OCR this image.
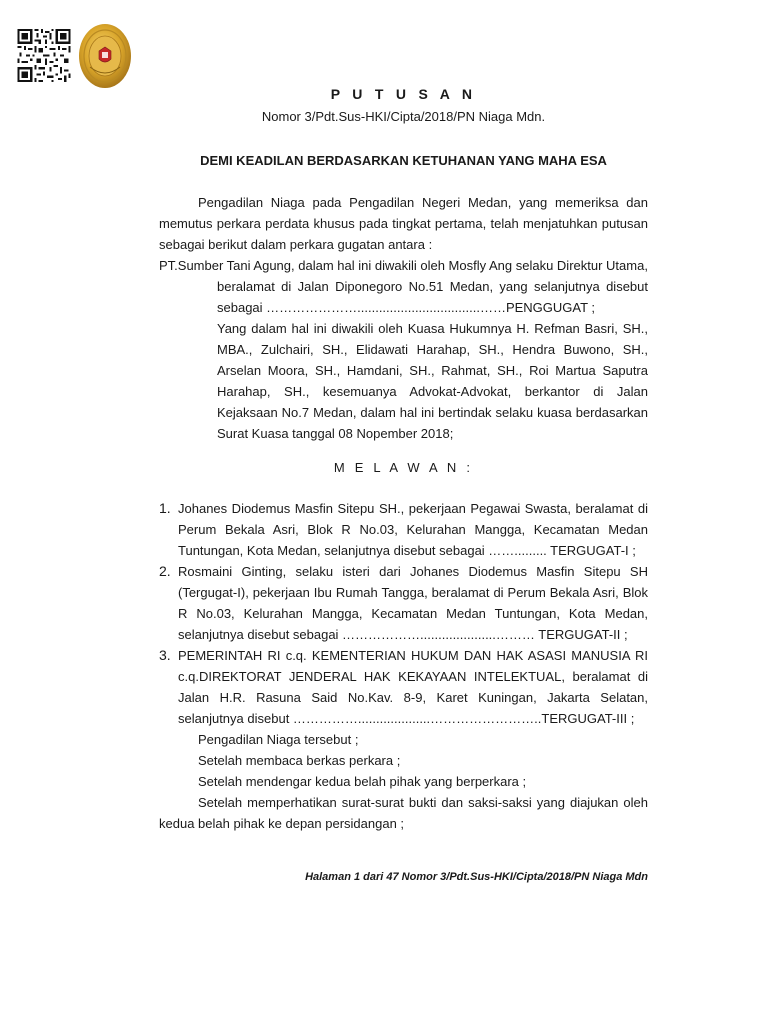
P U T U S A N

Nomor 3/Pdt.Sus-HKI/Cipta/2018/PN Niaga Mdn.

DEMI KEADILAN BERDASARKAN KETUHANAN YANG MAHA ESA

Pengadilan Niaga pada Pengadilan Negeri Medan, yang memeriksa dan memutus perkara perdata khusus pada tingkat pertama, telah menjatuhkan putusan sebagai berikut dalam perkara gugatan antara :

PT.Sumber Tani Agung, dalam hal ini diwakili oleh Mosfly Ang selaku Direktur Utama,

beralamat di Jalan Diponegoro No.51 Medan, yang selanjutnya disebut sebagai …………………..................................……PENGGUGAT ;

Yang dalam hal ini diwakili oleh Kuasa Hukumnya H. Refman Basri, SH., MBA., Zulchairi, SH., Elidawati Harahap, SH., Hendra Buwono, SH., Arselan Moora, SH., Hamdani, SH., Rahmat, SH., Roi Martua Saputra Harahap, SH., kesemuanya Advokat-Advokat, berkantor di Jalan Kejaksaan No.7 Medan, dalam hal ini bertindak selaku kuasa berdasarkan Surat Kuasa tanggal 08 Nopember 2018;

M E L A W A N :

1. Johanes Diodemus Masfin Sitepu SH., pekerjaan Pegawai Swasta, beralamat di Perum Bekala Asri, Blok R No.03, Kelurahan Mangga, Kecamatan Medan Tuntungan, Kota Medan, selanjutnya disebut sebagai ……......... TERGUGAT-I ;
2. Rosmaini Ginting, selaku isteri dari Johanes Diodemus Masfin Sitepu SH (Tergugat-I), pekerjaan Ibu Rumah Tangga, beralamat di Perum Bekala Asri, Blok R No.03, Kelurahan Mangga, Kecamatan Medan Tuntungan, Kota Medan, selanjutnya disebut sebagai ……………….....................……… TERGUGAT-II ;
3. PEMERINTAH RI c.q. KEMENTERIAN HUKUM DAN HAK ASASI MANUSIA RI c.q.DIREKTORAT JENDERAL HAK KEKAYAAN INTELEKTUAL, beralamat di Jalan H.R. Rasuna Said No.Kav. 8-9, Karet Kuningan, Jakarta Selatan, selanjutnya disebut ……………....................……………………..TERGUGAT-III ;

Pengadilan Niaga tersebut ;

Setelah membaca berkas perkara ;

Setelah mendengar kedua belah pihak yang berperkara ;

Setelah memperhatikan surat-surat bukti dan saksi-saksi yang diajukan oleh kedua belah pihak ke depan persidangan ;

Halaman 1 dari 47 Nomor 3/Pdt.Sus-HKI/Cipta/2018/PN Niaga Mdn
